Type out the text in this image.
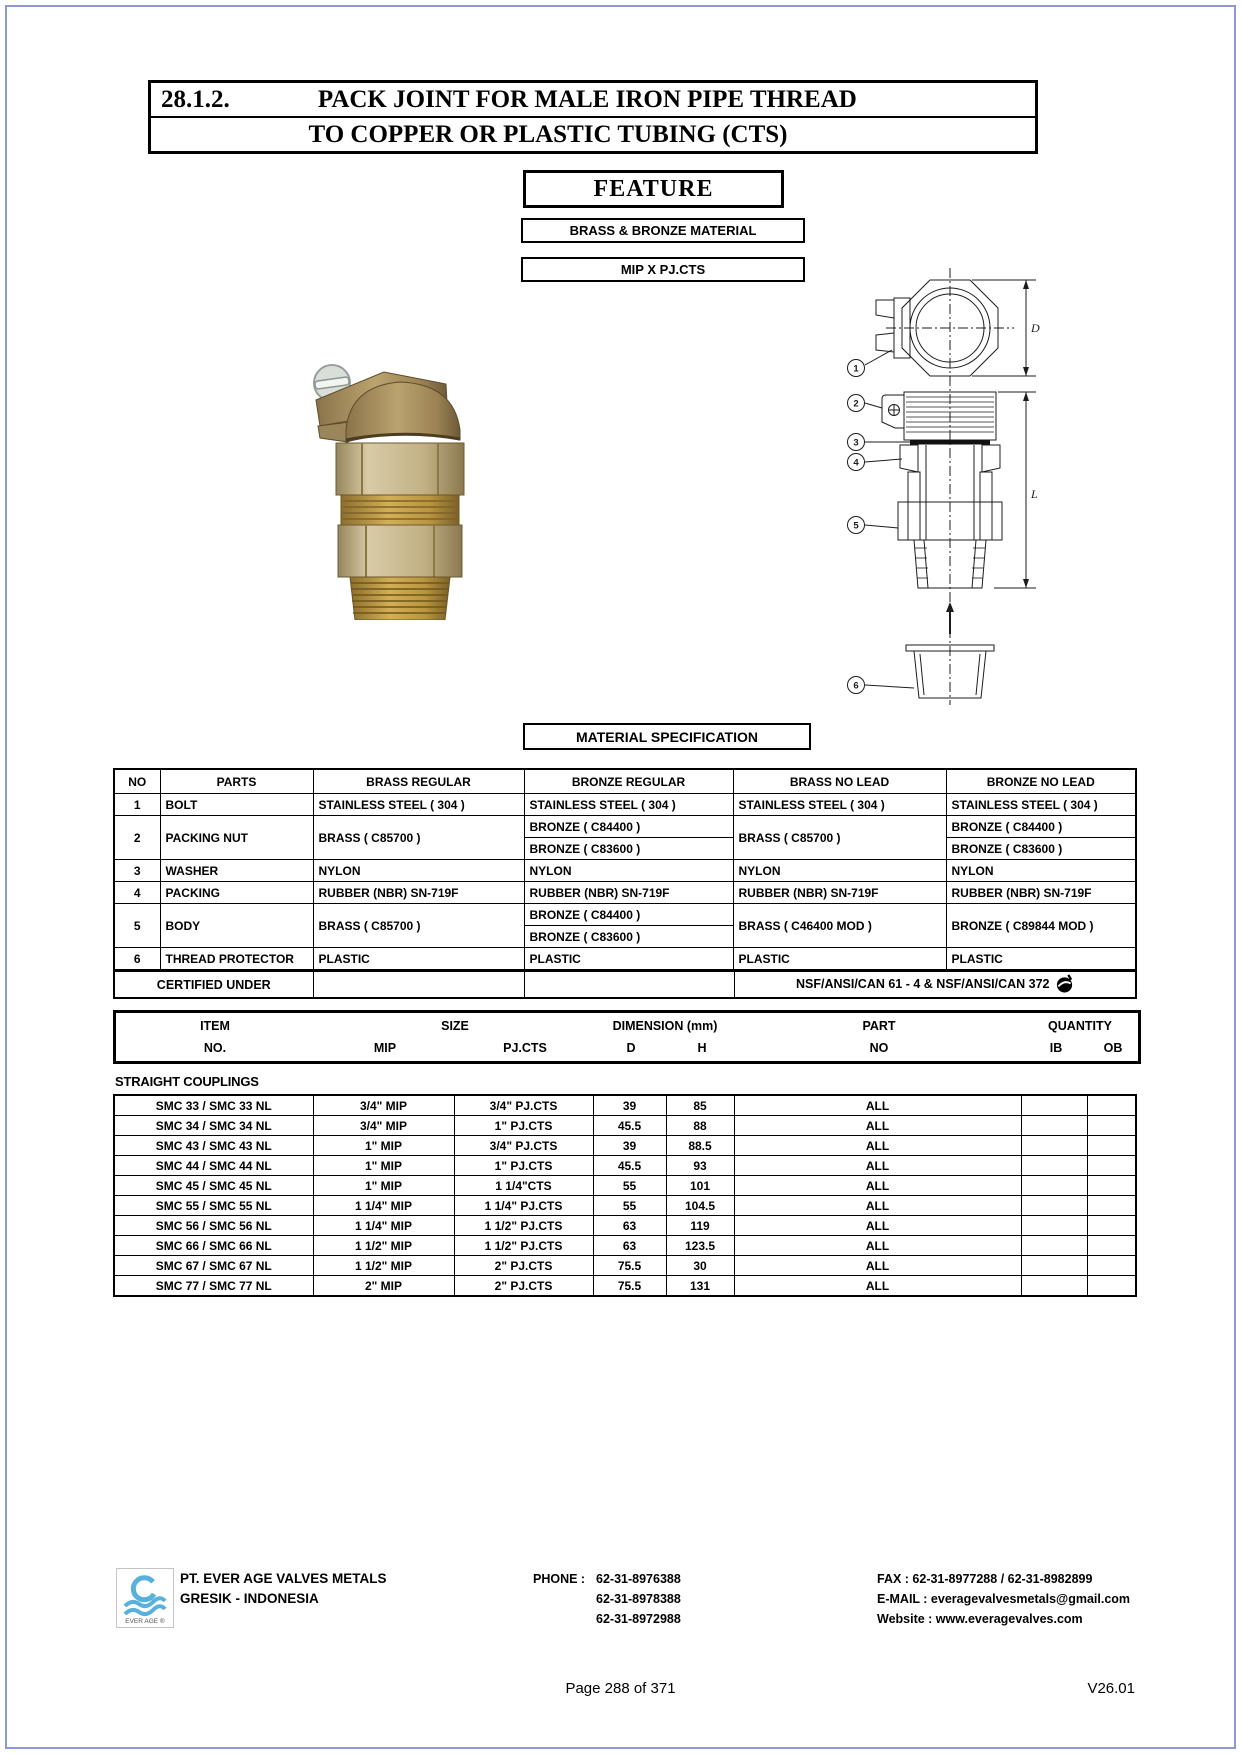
28.1.2.	PACK JOINT FOR MALE IRON PIPE THREAD
TO COPPER OR PLASTIC TUBING (CTS)
FEATURE
BRASS & BRONZE MATERIAL
MIP X PJ.CTS
D
L
1
2
3
4
5
6
MATERIAL SPECIFICATION
NO	PARTS	BRASS REGULAR	BRONZE REGULAR	BRASS NO LEAD	BRONZE NO LEAD
1	BOLT	STAINLESS STEEL ( 304 )	STAINLESS STEEL ( 304 )	STAINLESS STEEL ( 304 )	STAINLESS STEEL ( 304 )
2	PACKING NUT	BRASS ( C85700 )	BRONZE ( C84400 )	BRASS ( C85700 )	BRONZE ( C84400 )
			BRONZE ( C83600 )		BRONZE ( C83600 )
3	WASHER	NYLON	NYLON	NYLON	NYLON
4	PACKING	RUBBER (NBR) SN-719F	RUBBER (NBR) SN-719F	RUBBER (NBR) SN-719F	RUBBER (NBR) SN-719F
5	BODY	BRASS ( C85700 )	BRONZE ( C84400 )	BRASS ( C46400 MOD )	BRONZE ( C89844 MOD )
			BRONZE ( C83600 )		
6	THREAD PROTECTOR	PLASTIC	PLASTIC	PLASTIC	PLASTIC
CERTIFIED UNDER			NSF/ANSI/CAN 61 - 4 & NSF/ANSI/CAN 372
ITEM	SIZE	DIMENSION (mm)	PART	QUANTITY
NO.	MIP	PJ.CTS	D	H	NO	IB	OB
STRAIGHT COUPLINGS
SMC 33 / SMC 33 NL	3/4" MIP	3/4" PJ.CTS	39	85	ALL		
SMC 34 / SMC 34 NL	3/4" MIP	1" PJ.CTS	45.5	88	ALL		
SMC 43 / SMC 43 NL	1" MIP	3/4" PJ.CTS	39	88.5	ALL		
SMC 44 / SMC 44 NL	1" MIP	1" PJ.CTS	45.5	93	ALL		
SMC 45 / SMC 45 NL	1" MIP	1 1/4"CTS	55	101	ALL		
SMC 55 / SMC 55 NL	1 1/4" MIP	1 1/4" PJ.CTS	55	104.5	ALL		
SMC 56 / SMC 56 NL	1 1/4" MIP	1 1/2" PJ.CTS	63	119	ALL		
SMC 66 / SMC 66 NL	1 1/2" MIP	1 1/2" PJ.CTS	63	123.5	ALL		
SMC 67 / SMC 67 NL	1 1/2" MIP	2" PJ.CTS	75.5	30	ALL		
SMC 77 / SMC 77 NL	2" MIP	2" PJ.CTS	75.5	131	ALL		
EVER AGE ®
PT. EVER AGE VALVES METALS
GRESIK - INDONESIA
PHONE : 62-31-8976388
62-31-8978388
62-31-8972988
FAX : 62-31-8977288 / 62-31-8982899
E-MAIL : everagevalvesmetals@gmail.com
Website : www.everagevalves.com
Page 288 of 371	V26.01
